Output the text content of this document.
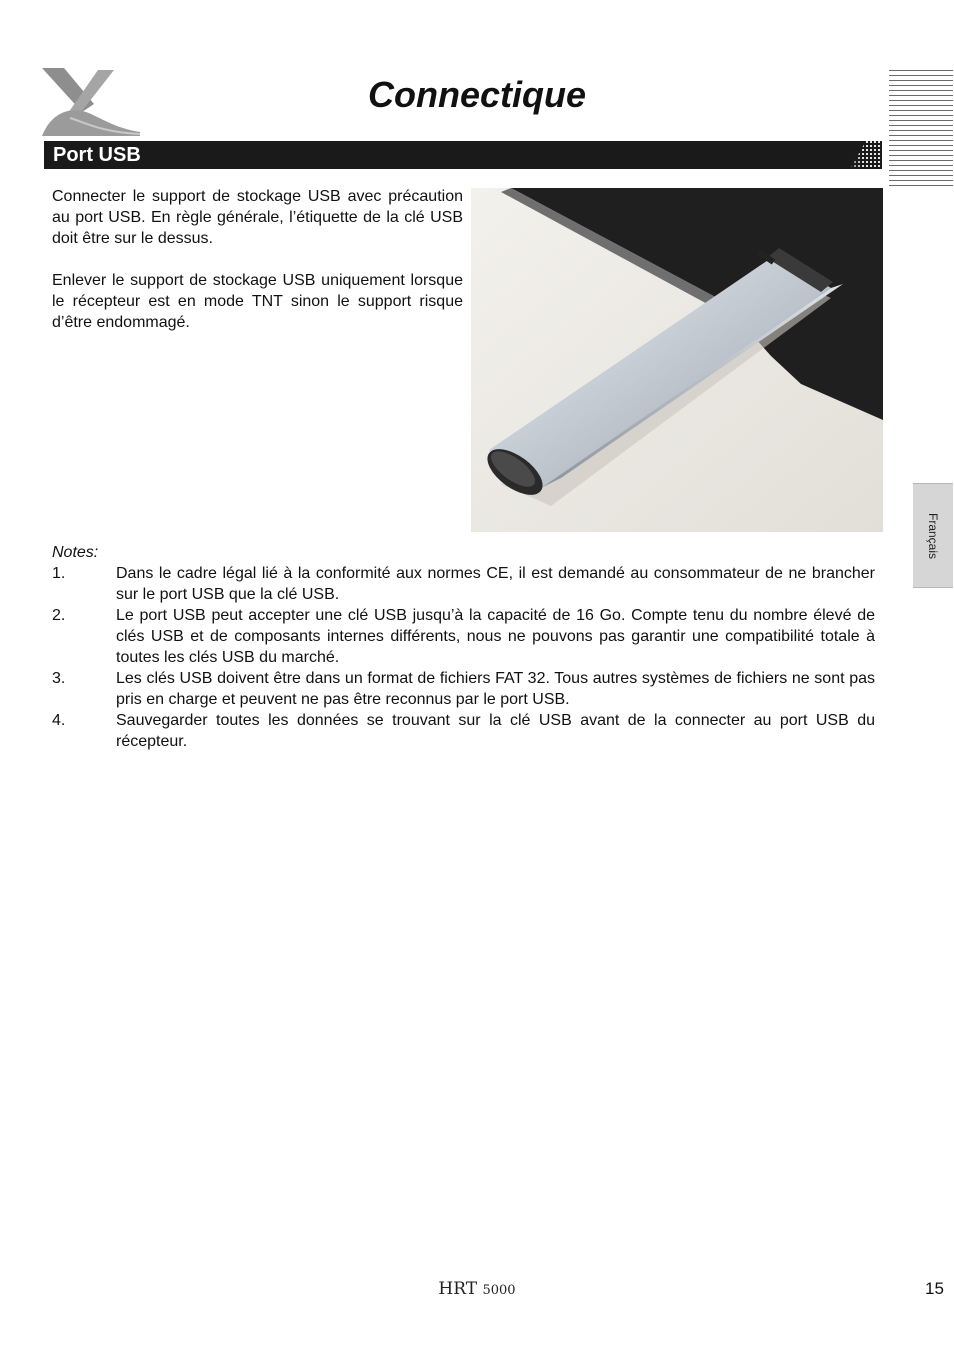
Connectique
Port USB

Connecter le support de stockage USB avec précaution au port USB. En règle générale, l’étiquette de la clé USB doit être sur le dessus.

Enlever le support de stockage USB uniquement lorsque le récepteur est en mode TNT sinon le support risque d’être endommagé.

Notes:

1.	Dans le cadre légal lié à la conformité aux normes CE, il est demandé au consommateur de ne brancher sur le port USB que la clé USB.
2.	Le port USB peut accepter une clé USB jusqu’à la capacité de 16 Go. Compte tenu du nombre élevé de clés USB et de composants internes différents, nous ne pouvons pas garantir une compatibilité totale à toutes les clés USB du marché.
3.	Les clés USB doivent être dans un format de fichiers FAT 32. Tous autres systèmes de fichiers ne sont pas pris en charge et peuvent ne pas être reconnus par le port USB.
4.	Sauvegarder toutes les données se trouvant sur la clé USB avant de la connecter au port USB du récepteur.
Français
HRT 5000	15
